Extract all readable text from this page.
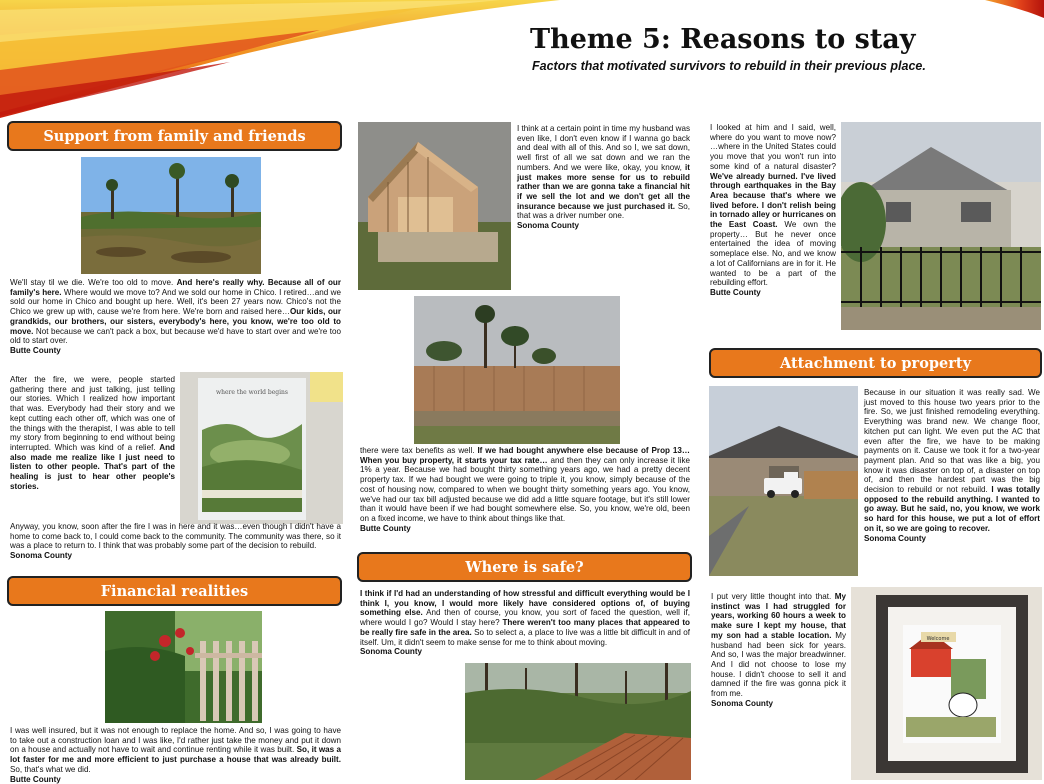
Theme 5: Reasons to stay
Factors that motivated survivors to rebuild in their previous place.
Support from family and friends

We'll stay til we die. We're too old to move. And here's really why. Because all of our family's here. Where would we move to? And we sold our home in Chico. I retired…and we sold our home in Chico and bought up here. Well, it's been 27 years now. Chico's not the Chico we grew up with, cause we're from here. We're born and raised here…Our kids, our grandkids, our brothers, our sisters, everybody's here, you know, we're too old to move. Not because we can't pack a box, but because we'd have to start over and we're too old to start over.
Butte County

where the world begins

After the fire, we were, people started gathering there and just talking, just telling our stories. Which I realized how important that was. Everybody had their story and we kept cutting each other off, which was one of the things with the therapist, I was able to tell my story from beginning to end without being interrupted. Which was kind of a relief. And also made me realize like I just need to listen to other people. That's part of the healing is just to hear other people's stories.

Anyway, you know, soon after the fire I was in here and it was…even though I didn't have a home to come back to, I could come back to the community. The community was there, so it was a place to return to. I think that was probably some part of the decision to rebuild.
Sonoma County

Financial realities

I was well insured, but it was not enough to replace the home. And so, I was going to have to take out a construction loan and I was like, I'd rather just take the money and put it down on a house and actually not have to wait and continue renting while it was built. So, it was a lot faster for me and more efficient to just purchase a house that was already built. So, that's what we did.
Butte County

I think at a certain point in time my husband was even like, I don't even know if I wanna go back and deal with all of this. And so I, we sat down, well first of all we sat down and we ran the numbers. And we were like, okay, you know, it just makes more sense for us to rebuild rather than we are gonna take a financial hit if we sell the lot and we don't get all the insurance because we just purchased it. So, that was a driver number one.
Sonoma County

there were tax benefits as well. If we had bought anywhere else because of Prop 13… When you buy property, it starts your tax rate… and then they can only increase it like 1% a year. Because we had bought thirty something years ago, we had a pretty decent property tax. If we had bought we were going to triple it, you know, simply because of the cost of housing now, compared to when we bought thirty something years ago. You know, we've had our tax bill adjusted because we did add a little square footage, but it's still lower than it would have been if we had bought somewhere else. So, you know, we're old, been on a fixed income, we have to think about things like that.
Butte County

Where is safe?

I think if I'd had an understanding of how stressful and difficult everything would be I think I, you know, I would more likely have considered options of, of buying something else. And then of course, you know, you sort of faced the question, well if, where would I go? Would I stay here? There weren't too many places that appeared to be really fire safe in the area. So to select a, a place to live was a little bit difficult in and of itself. Um, it didn't seem to make sense for me to think about moving.
Sonoma County

I looked at him and I said, well, where do you want to move now? …where in the United States could you move that you won't run into some kind of a natural disaster? We've already burned. I've lived through earthquakes in the Bay Area because that's where we lived before. I don't relish being in tornado alley or hurricanes on the East Coast. We own the property… But he never once entertained the idea of moving someplace else. No, and we know a lot of Californians are in for it. He wanted to be a part of the rebuilding effort.
Butte County

Attachment to property

Because in our situation it was really sad. We just moved to this house two years prior to the fire. So, we just finished remodeling everything. Everything was brand new. We change floor, kitchen put can light. We even put the AC that even after the fire, we have to be making payments on it. Cause we took it for a two-year payment plan. And so that was like a big, you know it was disaster on top of, a disaster on top of, and then the hardest part was the big decision to rebuild or not rebuild. I was totally opposed to the rebuild anything. I wanted to go away. But he said, no, you know, we work so hard for this house, we put a lot of effort on it, so we are going to recover.
Sonoma County

I put very little thought into that. My instinct was I had struggled for years, working 60 hours a week to make sure I kept my house, that my son had a stable location. My husband had been sick for years. And so, I was the major breadwinner. And I did not choose to lose my house. I didn't choose to sell it and damned if the fire was gonna pick it from me.
Sonoma County

Welcome
